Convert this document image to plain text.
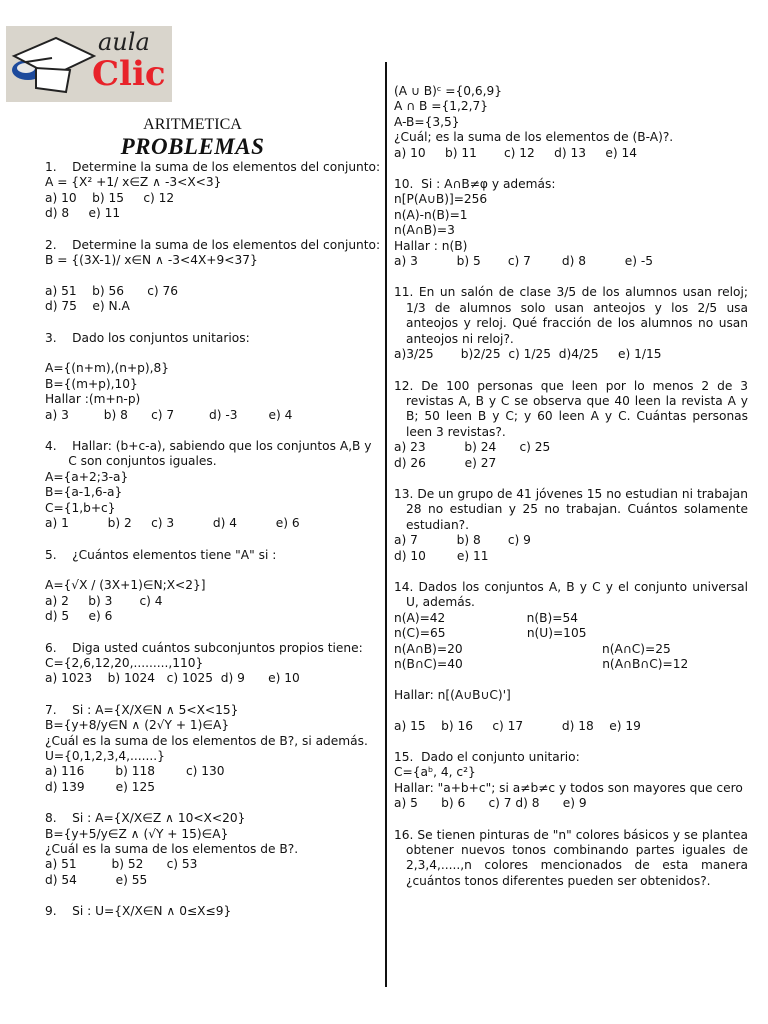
aula
Clic
ARITMETICA
PROBLEMAS
1.    Determine la suma de los elementos del conjunto:
A = {X² +1/ x∈Z ∧ -3<X<3}
a) 10    b) 15     c) 12
d) 8     e) 11
2.    Determine la suma de los elementos del conjunto:
B = {(3X-1)/ x∈N ∧ -3<4X+9<37}
a) 51    b) 56      c) 76
d) 75    e) N.A
3.    Dado los conjuntos unitarios:
A={(n+m),(n+p),8}
B={(m+p),10}
Hallar :(m+n-p)
a) 3         b) 8      c) 7         d) -3        e) 4
4.    Hallar: (b+c-a), sabiendo que los conjuntos A,B y
C son conjuntos iguales.
A={a+2;3-a}
B={a-1,6-a}
C={1,b+c}
a) 1          b) 2     c) 3          d) 4          e) 6
5.    ¿Cuántos elementos tiene "A" si :
A={√X / (3X+1)∈N;X<2}]
a) 2     b) 3       c) 4
d) 5     e) 6
6.    Diga usted cuántos subconjuntos propios tiene:
C={2,6,12,20,.........,110}
a) 1023    b) 1024   c) 1025  d) 9      e) 10
7.    Si : A={X/X∈N ∧ 5<X<15}
B={y+8/y∈N ∧ (2√Y + 1)∈A}
¿Cuál es la suma de los elementos de B?, si además.
U={0,1,2,3,4,.......}
a) 116        b) 118        c) 130
d) 139        e) 125
8.    Si : A={X/X∈Z ∧ 10<X<20}
B={y+5/y∈Z ∧ (√Y + 15)∈A}
¿Cuál es la suma de los elementos de B?.
a) 51         b) 52      c) 53
d) 54          e) 55
9.    Si : U={X/X∈N ∧ 0≤X≤9}
(A ∪ B)ᶜ ={0,6,9}
A ∩ B ={1,2,7}
A-B={3,5}
¿Cuál; es la suma de los elementos de (B-A)?.
a) 10     b) 11       c) 12     d) 13     e) 14
10.  Si : A∩B≠φ y además:
n[P(A∪B)]=256
n(A)-n(B)=1
n(A∩B)=3
Hallar : n(B)
a) 3          b) 5       c) 7        d) 8          e) -5
11. En un salón de clase 3/5 de los alumnos usan reloj; 1/3 de alumnos solo usan anteojos y los 2/5 usa anteojos y reloj. Qué fracción de los alumnos no usan anteojos ni reloj?.
a)3/25       b)2/25  c) 1/25  d)4/25     e) 1/15
12. De 100 personas que leen por lo menos 2 de 3 revistas A, B y C se observa que 40 leen la revista A y B; 50 leen B y C; y 60 leen A y C. Cuántas personas leen 3 revistas?.
a) 23          b) 24      c) 25
d) 26          e) 27
13. De un grupo de 41 jóvenes 15 no estudian ni trabajan 28 no estudian y 25 no trabajan. Cuántos solamente estudian?.
a) 7          b) 8       c) 9
d) 10        e) 11
14. Dados los conjuntos A, B y C y el conjunto universal U, además.
n(A)=42                     n(B)=54
n(C)=65                     n(U)=105
n(A∩B)=20                                    n(A∩C)=25
n(B∩C)=40                                    n(A∩B∩C)=12
Hallar: n[(A∪B∪C)']
a) 15    b) 16     c) 17          d) 18    e) 19
15.  Dado el conjunto unitario:
C={aᵇ, 4, c²}
Hallar: "a+b+c"; si a≠b≠c y todos son mayores que cero
a) 5      b) 6      c) 7 d) 8      e) 9
16. Se tienen pinturas de "n" colores básicos y se plantea obtener nuevos tonos combinando partes iguales de 2,3,4,.....,n colores mencionados de esta manera ¿cuántos tonos diferentes pueden ser obtenidos?.
